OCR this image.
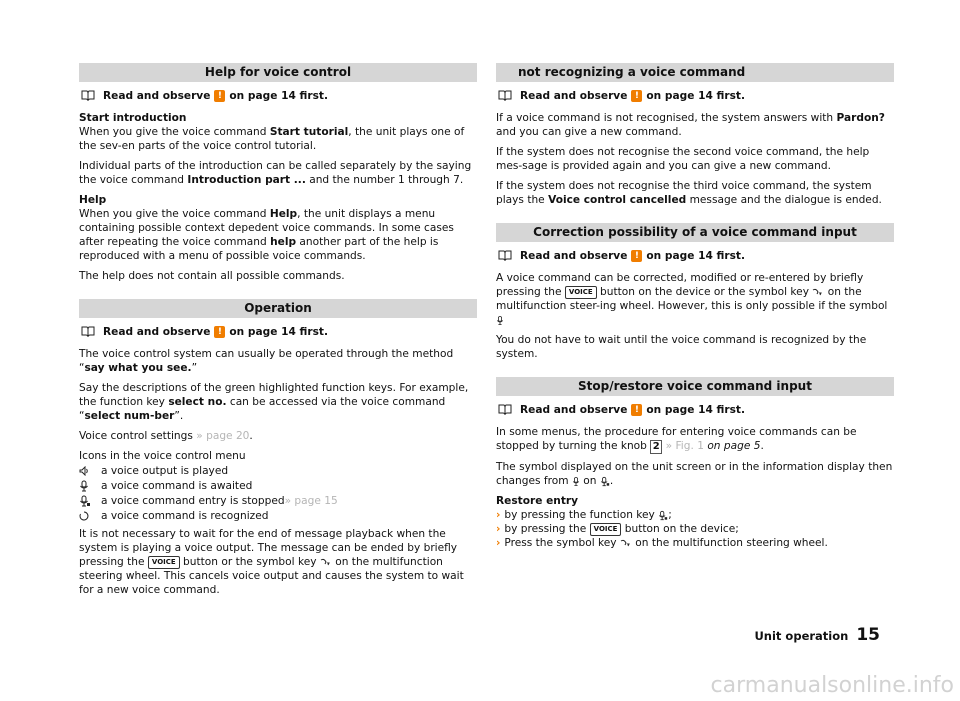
Help for voice control
Read and observe ! on page 14 first.
Start introduction

When you give the voice command Start tutorial, the unit plays one of the sev-en parts of the voice control tutorial.

Individual parts of the introduction can be called separately by the saying the voice command Introduction part ... and the number 1 through 7.

Help

When you give the voice command Help, the unit displays a menu containing possible context depedent voice commands. In some cases after repeating the voice command help another part of the help is reproduced with a menu of possible voice commands.

The help does not contain all possible commands.

Operation
Read and observe ! on page 14 first.

The voice control system can usually be operated through the method “say what you see.”

Say the descriptions of the green highlighted function keys. For example, the function key select no. can be accessed via the voice command “select num-ber”.

Voice control settings » page 20.

Icons in the voice control menu
a voice output is played
a voice command is awaited
a voice command entry is stopped » page 15
a voice command is recognized

It is not necessary to wait for the end of message playback when the system is playing a voice output. The message can be ended by briefly pressing the VOICE button or the symbol key  on the multifunction steering wheel. This cancels voice output and causes the system to wait for a new voice command.

not recognizing a voice command
Read and observe ! on page 14 first.

If a voice command is not recognised, the system answers with Pardon? and you can give a new command.

If the system does not recognise the second voice command, the help mes-sage is provided again and you can give a new command.

If the system does not recognise the third voice command, the system plays the Voice control cancelled message and the dialogue is ended.

Correction possibility of a voice command input
Read and observe ! on page 14 first.

A voice command can be corrected, modified or re-entered by briefly pressing the VOICE button on the device or the symbol key  on the multifunction steer-ing wheel. However, this is only possible if the symbol

You do not have to wait until the voice command is recognized by the system.

Stop/restore voice command input
Read and observe ! on page 14 first.

In some menus, the procedure for entering voice commands can be stopped by turning the knob 2 » Fig. 1 on page 5.

The symbol displayed on the unit screen or in the information display then changes from  on .

Restore entry
› by pressing the function key ;
› by pressing the VOICE button on the device;
› Press the symbol key  on the multifunction steering wheel.
Unit operation 15
carmanualsonline.info
